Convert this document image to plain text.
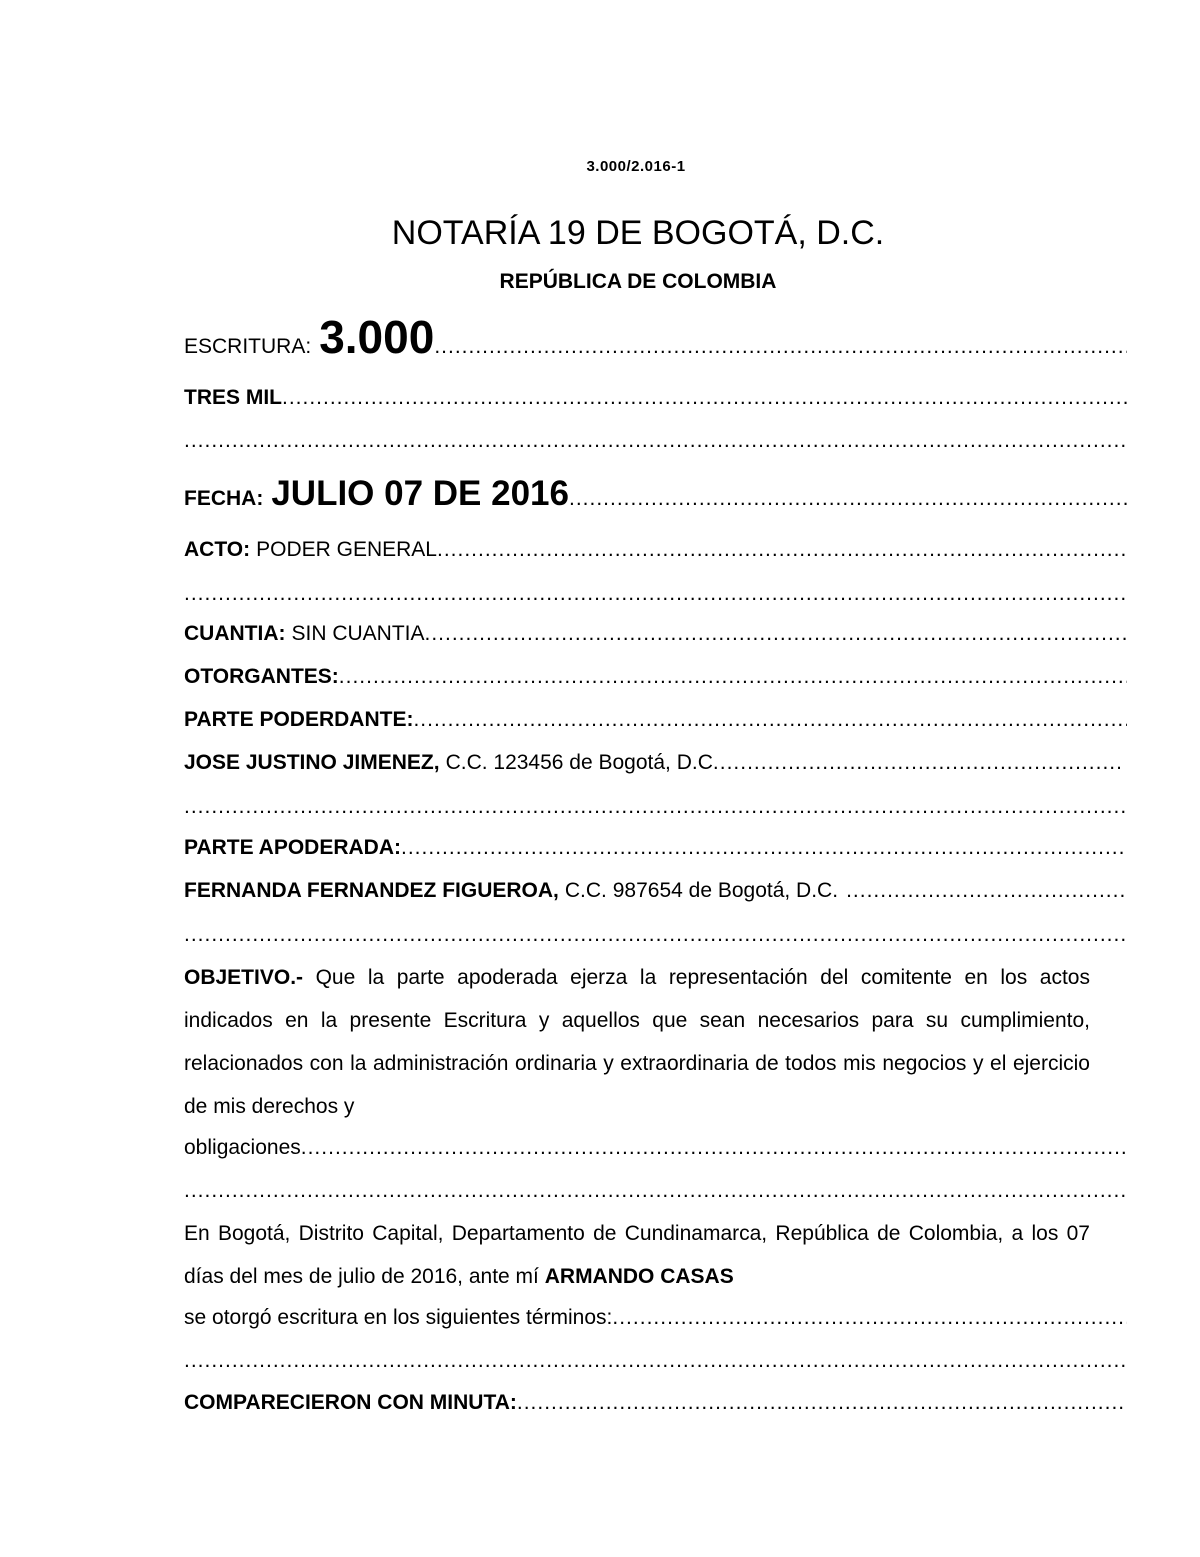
3.000/2.016-1
NOTARÍA 19 DE BOGOTÁ, D.C.
REPÚBLICA DE COLOMBIA
ESCRITURA: 3.000
.....
TRES MIL
.....
.....
FECHA: JULIO 07 DE 2016
.....
ACTO: PODER GENERAL
.....
.....
CUANTIA: SIN CUANTIA
.....
OTORGANTES:
.....
PARTE PODERDANTE:
.....
JOSE JUSTINO JIMENEZ, C.C. 123456 de Bogotá, D.C
.....
.....
PARTE APODERADA:
.....
FERNANDA FERNANDEZ FIGUEROA, C.C. 987654 de Bogotá, D.C.
.....
.....
OBJETIVO.- Que la parte apoderada ejerza la representación del comitente en los actos indicados en la presente Escritura y aquellos que sean necesarios para su cumplimiento, relacionados con la administración ordinaria y extraordinaria de todos mis negocios y el ejercicio de mis derechos y
obligaciones
.....
.....
En Bogotá, Distrito Capital, Departamento de Cundinamarca, República de Colombia, a los 07 días del mes de julio de 2016, ante mí ARMANDO CASAS
se otorgó escritura en los siguientes términos:
.....
.....
COMPARECIERON CON MINUTA:
.....
